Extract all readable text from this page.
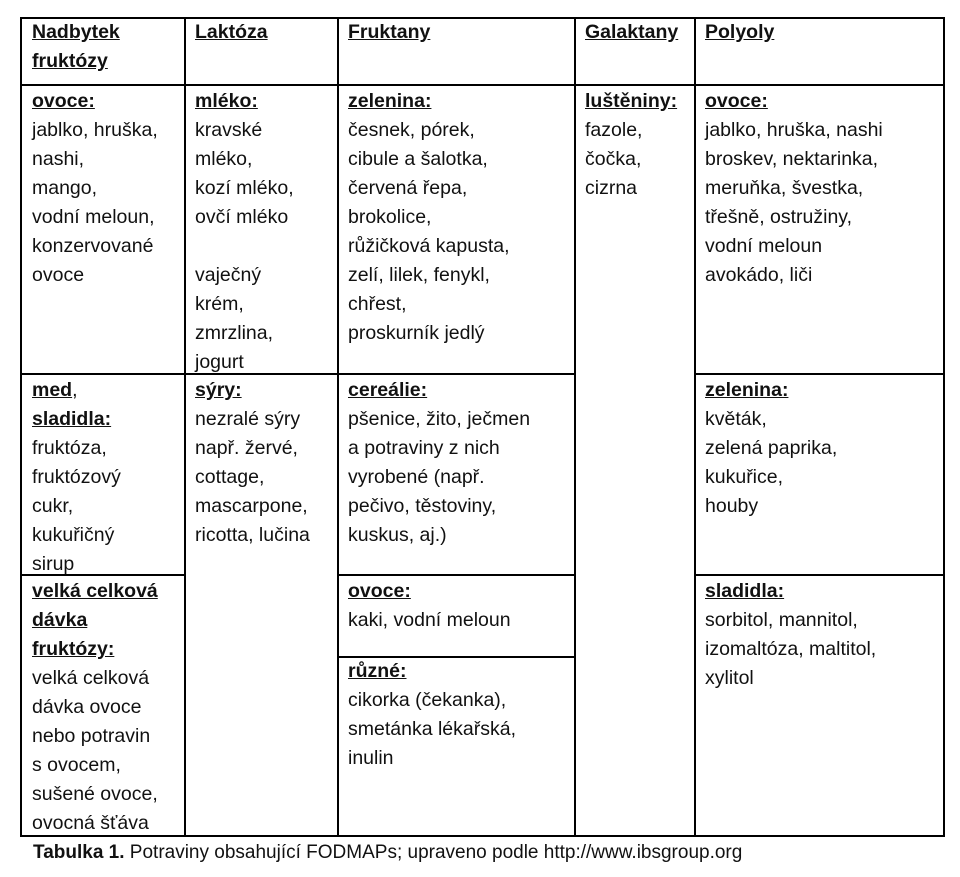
Nadbytek
fruktózy
Laktóza	Fruktany	Galaktany Polyoly
ovoce:
jablko, hruška,
nashi,
mango,
vodní meloun,
konzervované
ovoce
med,
sladidla:
fruktóza,
fruktózový
cukr,
kukuřičný
sirup
velká celková
dávka
fruktózy:
velká celková
dávka ovoce
nebo potravin
s ovocem,
sušené ovoce,
ovocná šťáva
mléko:
kravské
mléko,
kozí mléko,
ovčí mléko

vaječný
krém,
zmrzlina,
jogurt
sýry:
nezralé sýry
např. žervé,
cottage,
mascarpone,
ricotta, lučina
zelenina:
česnek, pórek,
cibule a šalotka,
červená řepa,
brokolice,
růžičková kapusta,
zelí, lilek, fenykl,
chřest,
proskurník jedlý
cereálie:
pšenice, žito, ječmen
a potraviny z nich
vyrobené (např.
pečivo, těstoviny,
kuskus, aj.)
ovoce:
kaki, vodní meloun
různé:
cikorka (čekanka),
smetánka lékařská,
inulin
luštěniny:
fazole,
čočka,
cizrna
ovoce:
jablko, hruška, nashi
broskev, nektarinka,
meruňka, švestka,
třešně, ostružiny,
vodní meloun
avokádo, liči
zelenina:
květák,
zelená paprika,
kukuřice,
houby
sladidla:
sorbitol, mannitol,
izomaltóza, maltitol,
xylitol
Tabulka 1. Potraviny obsahující FODMAPs; upraveno podle http://www.ibsgroup.org
